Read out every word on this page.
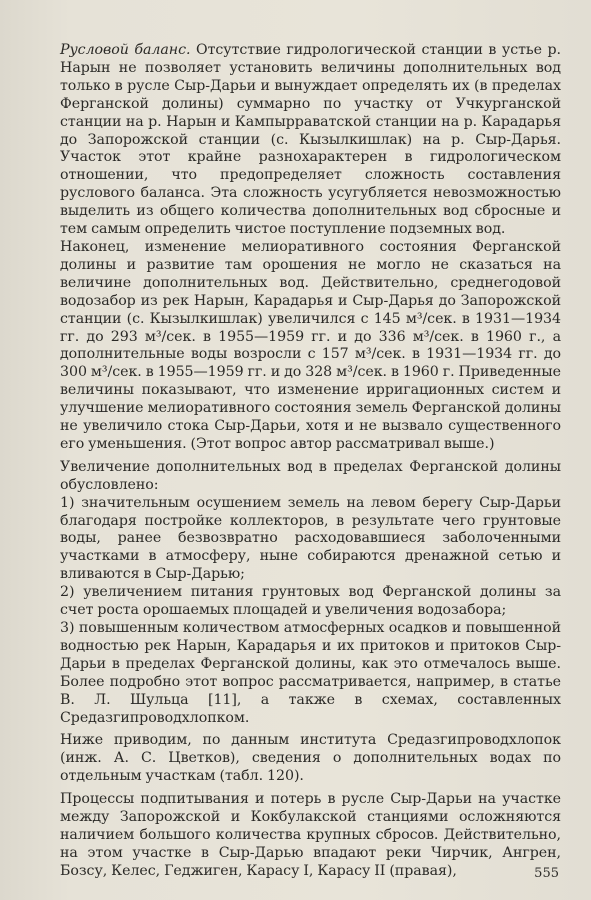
Русловой баланс. Отсутствие гидрологической станции в устье р. Нарын не позволяет установить величины дополнительных вод только в русле Сыр-Дарьи и вынуждает определять их (в пределах Ферганской долины) суммарно по участку от Учкурганской станции на р. Нарын и Кампырраватской станции на р. Карадарья до Запорожской станции (с. Кызылкишлак) на р. Сыр-Дарья. Участок этот крайне разнохарактерен в гидрологическом отношении, что предопределяет сложность составления руслового баланса. Эта сложность усугубляется невозможностью выделить из общего количества дополнительных вод сбросные и тем самым определить чистое поступление подземных вод.

Наконец, изменение мелиоративного состояния Ферганской долины и развитие там орошения не могло не сказаться на величине дополнительных вод. Действительно, среднегодовой водозабор из рек Нарын, Карадарья и Сыр-Дарья до Запорожской станции (с. Кызылкишлак) увеличился с 145 м³/сек. в 1931—1934 гг. до 293 м³/сек. в 1955—1959 гг. и до 336 м³/сек. в 1960 г., а дополнительные воды возросли с 157 м³/сек. в 1931—1934 гг. до 300 м³/сек. в 1955—1959 гг. и до 328 м³/сек. в 1960 г. Приведенные величины показывают, что изменение ирригационных систем и улучшение мелиоративного состояния земель Ферганской долины не увеличило стока Сыр-Дарьи, хотя и не вызвало существенного его уменьшения. (Этот вопрос автор рассматривал выше.)

Увеличение дополнительных вод в пределах Ферганской долины обусловлено:

1) значительным осушением земель на левом берегу Сыр-Дарьи благодаря постройке коллекторов, в результате чего грунтовые воды, ранее безвозвратно расходовавшиеся заболоченными участками в атмосферу, ныне собираются дренажной сетью и вливаются в Сыр-Дарью;

2) увеличением питания грунтовых вод Ферганской долины за счет роста орошаемых площадей и увеличения водозабора;

3) повышенным количеством атмосферных осадков и повышенной водностью рек Нарын, Карадарья и их притоков и притоков Сыр-Дарьи в пределах Ферганской долины, как это отмечалось выше. Более подробно этот вопрос рассматривается, например, в статье В. Л. Шульца [11], а также в схемах, составленных Средазгипроводхлопком.

Ниже приводим, по данным института Средазгипроводхлопок (инж. А. С. Цветков), сведения о дополнительных водах по отдельным участкам (табл. 120).

Процессы подпитывания и потерь в русле Сыр-Дарьи на участке между Запорожской и Кокбулакской станциями осложняются наличием большого количества крупных сбросов. Действительно, на этом участке в Сыр-Дарью впадают реки Чирчик, Ангрен, Бозсу, Келес, Геджиген, Карасу I, Карасу II (правая),	555
